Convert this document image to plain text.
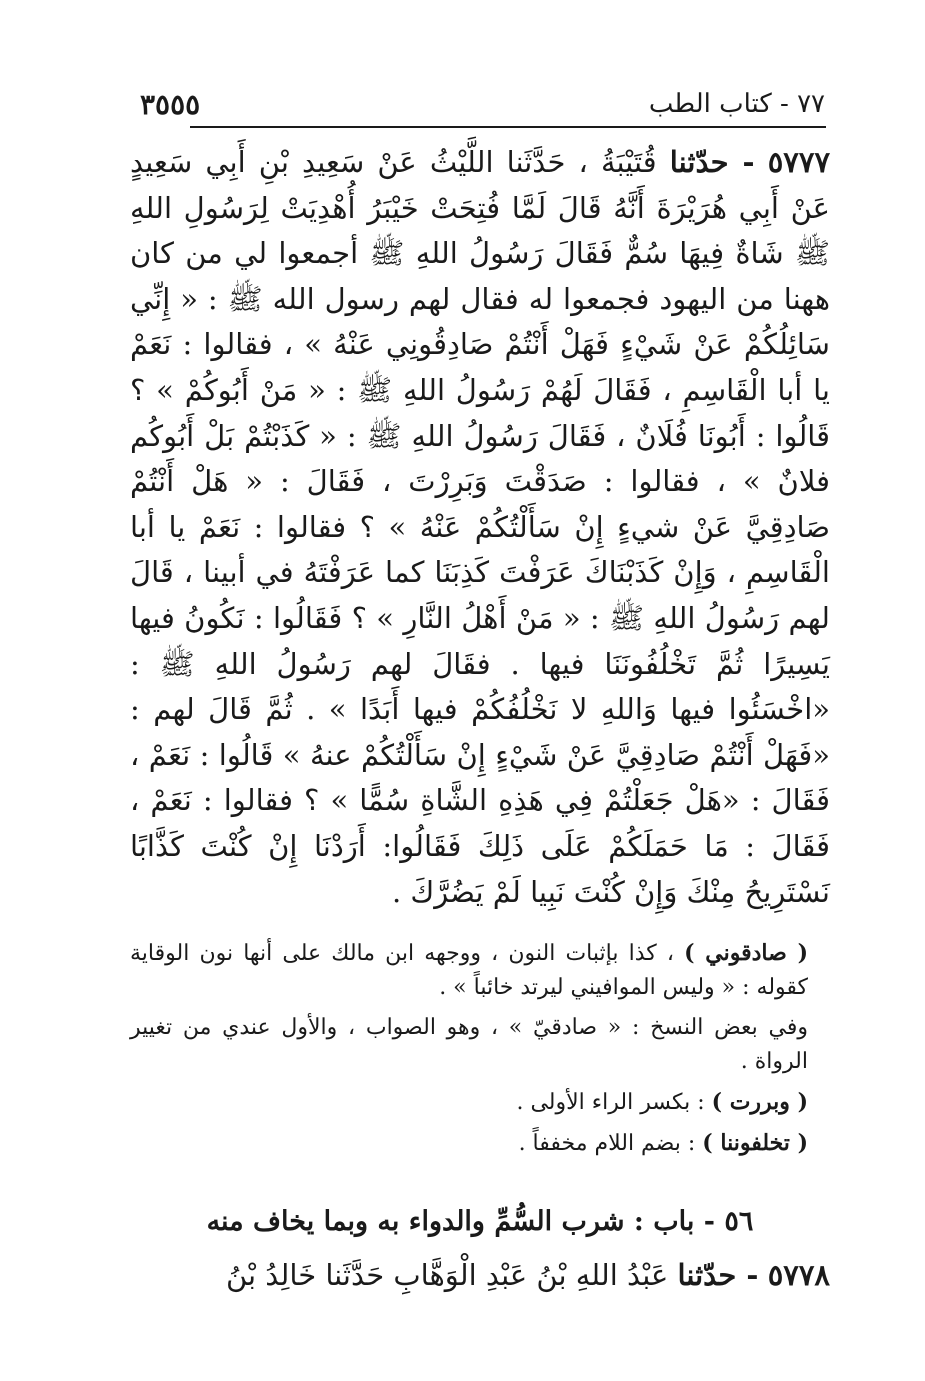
٧٧ - كتاب الطب
٣٥٥٥
٥٧٧٧ - حدّثنا قُتَيْبَةُ ، حَدَّثَنا اللَّيْثُ عَنْ سَعِيدِ بْنِ أَبِي سَعِيدٍ عَنْ أَبِي هُرَيْرَةَ أَنَّهُ قَالَ لَمَّا فُتِحَتْ خَيْبَرُ أُهْدِيَتْ لِرَسُولِ اللهِ ﷺ شَاةٌ فِيهَا سُمٌّ فَقَالَ رَسُولُ اللهِ ﷺ أجمعوا لي من كان ههنا من اليهود فجمعوا له فقال لهم رسول الله ﷺ : « إِنِّي سَائِلُكُمْ عَنْ شَيْءٍ فَهَلْ أَنْتُمْ صَادِقُونِي عَنْهُ » ، فقالوا : نَعَمْ يا أبا الْقَاسِمِ ، فَقَالَ لَهُمْ رَسُولُ اللهِ ﷺ : « مَنْ أَبُوكُمْ » ؟ قَالُوا : أَبُونَا فُلَانٌ ، فَقَالَ رَسُولُ اللهِ ﷺ : « كَذَبْتُمْ بَلْ أَبُوكُم فلانٌ » ، فقالوا : صَدَقْتَ وَبَرِرْتَ ، فَقَالَ : « هَلْ أَنْتُمْ صَادِقِيَّ عَنْ شيءٍ إِنْ سَأَلْتُكُمْ عَنْهُ » ؟ فقالوا : نَعَمْ يا أبا الْقَاسِمِ ، وَإِنْ كَذَبْنَاكَ عَرَفْتَ كَذِبَنَا كما عَرَفْتَهُ في أبينا ، قَالَ لهم رَسُولُ اللهِ ﷺ : « مَنْ أَهْلُ النَّارِ » ؟ فَقَالُوا : نَكُونُ فيها يَسِيرًا ثُمَّ تَخْلُفُونَنَا فيها . فقَالَ لهم رَسُولُ اللهِ ﷺ : «اخْسَئُوا فيها وَاللهِ لا نَخْلُفُكُمْ فيها أَبَدًا » . ثُمَّ قَالَ لهم : «فَهَلْ أَنْتُمْ صَادِقِيَّ عَنْ شَيْءٍ إِنْ سَأَلْتُكُمْ عنهُ » قَالُوا : نَعَمْ ، فَقَالَ : «هَلْ جَعَلْتُمْ فِي هَذِهِ الشَّاةِ سُمًّا » ؟ فقالوا : نَعَمْ ، فَقَالَ : مَا حَمَلَكُمْ عَلَى ذَلِكَ فَقَالُوا: أَرَدْنَا إِنْ كُنْتَ كَذَّابًا نَسْتَرِيحُ مِنْكَ وَإِنْ كُنْتَ نَبِيا لَمْ يَضُرَّكَ .

( صادقوني ) ، كذا بإثبات النون ، ووجهه ابن مالك على أنها نون الوقاية كقوله : « وليس الموافيني ليرتد خائباً » .

وفي بعض النسخ : « صادقيّ » ، وهو الصواب ، والأول عندي من تغيير الرواة .

( وبررت ) : بكسر الراء الأولى .

( تخلفوننا ) : بضم اللام مخففاً .

٥٦ - باب : شرب السُّمِّ والدواء به وبما يخاف منه
٥٧٧٨ - حدّثنا عَبْدُ اللهِ بْنُ عَبْدِ الْوَهَّابِ حَدَّثَنا خَالِدُ بْنُ
